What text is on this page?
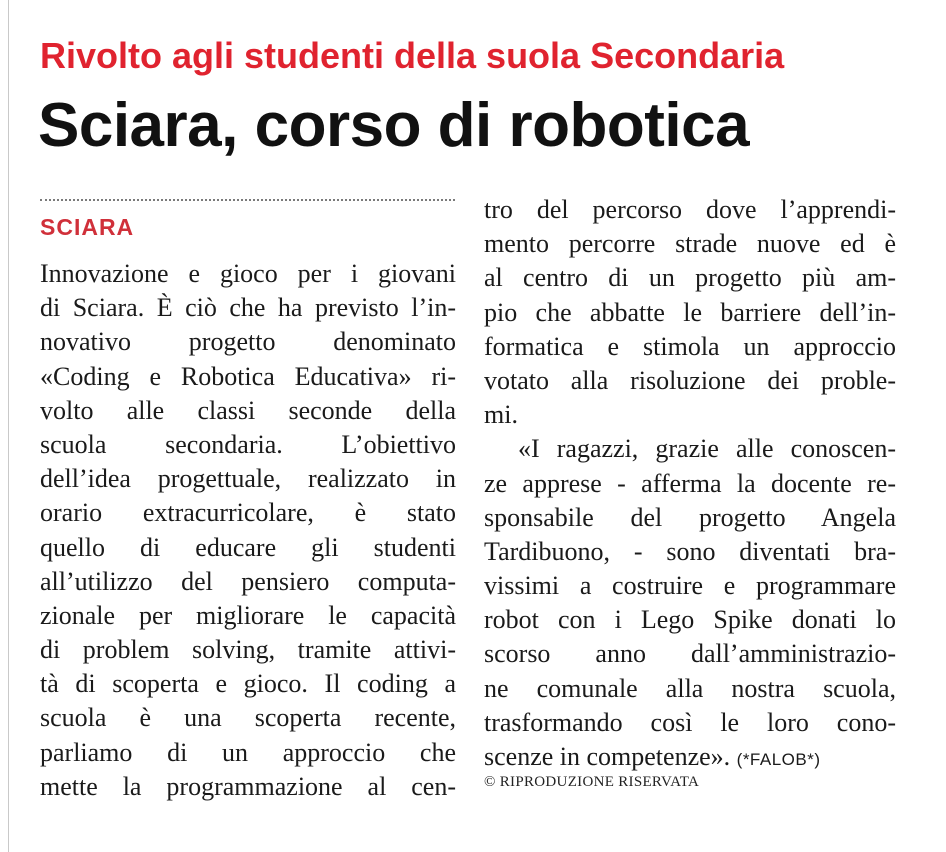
Rivolto agli studenti della suola Secondaria
Sciara, corso di robotica
SCIARA
Innovazione e gioco per i giovani
di Sciara. È ciò che ha previsto l’in-
novativo progetto denominato
«Coding e Robotica Educativa» ri-
volto alle classi seconde della
scuola secondaria. L’obiettivo
dell’idea progettuale, realizzato in
orario extracurricolare, è stato
quello di educare gli studenti
all’utilizzo del pensiero computa-
zionale per migliorare le capacità
di problem solving, tramite attivi-
tà di scoperta e gioco. Il coding a
scuola è una scoperta recente,
parliamo di un approccio che
mette la programmazione al cen-
tro del percorso dove l’apprendi-
mento percorre strade nuove ed è
al centro di un progetto più am-
pio che abbatte le barriere dell’in-
formatica e stimola un approccio
votato alla risoluzione dei proble-
mi.
«I ragazzi, grazie alle conoscen-
ze apprese - afferma la docente re-
sponsabile del progetto Angela
Tardibuono, - sono diventati bra-
vissimi a costruire e programmare
robot con i Lego Spike donati lo
scorso anno dall’amministrazio-
ne comunale alla nostra scuola,
trasformando così le loro cono-
scenze in competenze». (*FALOB*)
© RIPRODUZIONE RISERVATA
